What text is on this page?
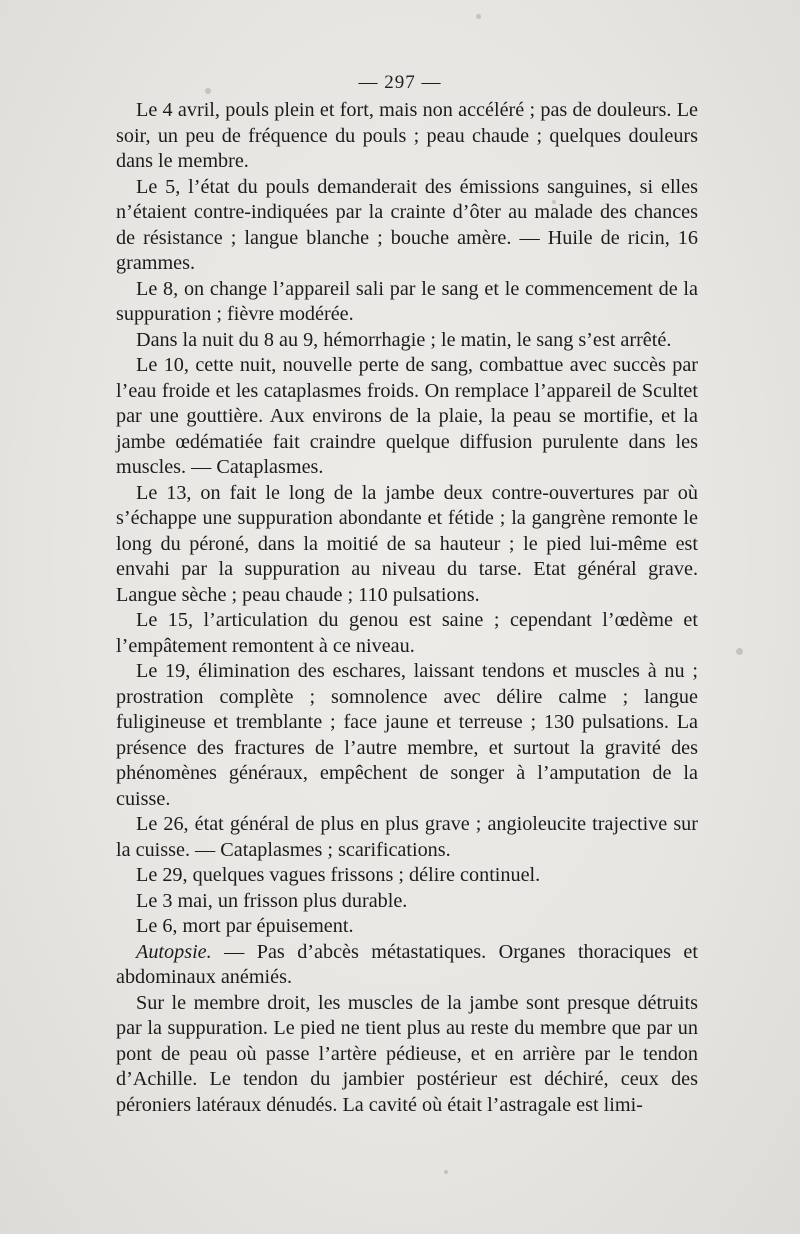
— 297 —

Le 4 avril, pouls plein et fort, mais non accéléré ; pas de douleurs. Le soir, un peu de fréquence du pouls ; peau chaude ; quelques douleurs dans le membre.

Le 5, l’état du pouls demanderait des émissions sanguines, si elles n’étaient contre-indiquées par la crainte d’ôter au malade des chances de résistance ; langue blanche ; bouche amère. — Huile de ricin, 16 grammes.

Le 8, on change l’appareil sali par le sang et le commencement de la suppuration ; fièvre modérée.

Dans la nuit du 8 au 9, hémorrhagie ; le matin, le sang s’est arrêté.

Le 10, cette nuit, nouvelle perte de sang, combattue avec succès par l’eau froide et les cataplasmes froids. On remplace l’appareil de Scultet par une gouttière. Aux environs de la plaie, la peau se mortifie, et la jambe œdématiée fait craindre quelque diffusion purulente dans les muscles. — Cataplasmes.

Le 13, on fait le long de la jambe deux contre-ouvertures par où s’échappe une suppuration abondante et fétide ; la gangrène remonte le long du péroné, dans la moitié de sa hauteur ; le pied lui-même est envahi par la suppuration au niveau du tarse. Etat général grave. Langue sèche ; peau chaude ; 110 pulsations.

Le 15, l’articulation du genou est saine ; cependant l’œdème et l’empâtement remontent à ce niveau.

Le 19, élimination des eschares, laissant tendons et muscles à nu ; prostration complète ; somnolence avec délire calme ; langue fuligineuse et tremblante ; face jaune et terreuse ; 130 pulsations. La présence des fractures de l’autre membre, et surtout la gravité des phénomènes généraux, empêchent de songer à l’amputation de la cuisse.

Le 26, état général de plus en plus grave ; angioleucite trajective sur la cuisse. — Cataplasmes ; scarifications.

Le 29, quelques vagues frissons ; délire continuel.

Le 3 mai, un frisson plus durable.

Le 6, mort par épuisement.

Autopsie. — Pas d’abcès métastatiques. Organes thoraciques et abdominaux anémiés.

Sur le membre droit, les muscles de la jambe sont presque détruits par la suppuration. Le pied ne tient plus au reste du membre que par un pont de peau où passe l’artère pédieuse, et en arrière par le tendon d’Achille. Le tendon du jambier postérieur est déchiré, ceux des péroniers latéraux dénudés. La cavité où était l’astragale est limi-
